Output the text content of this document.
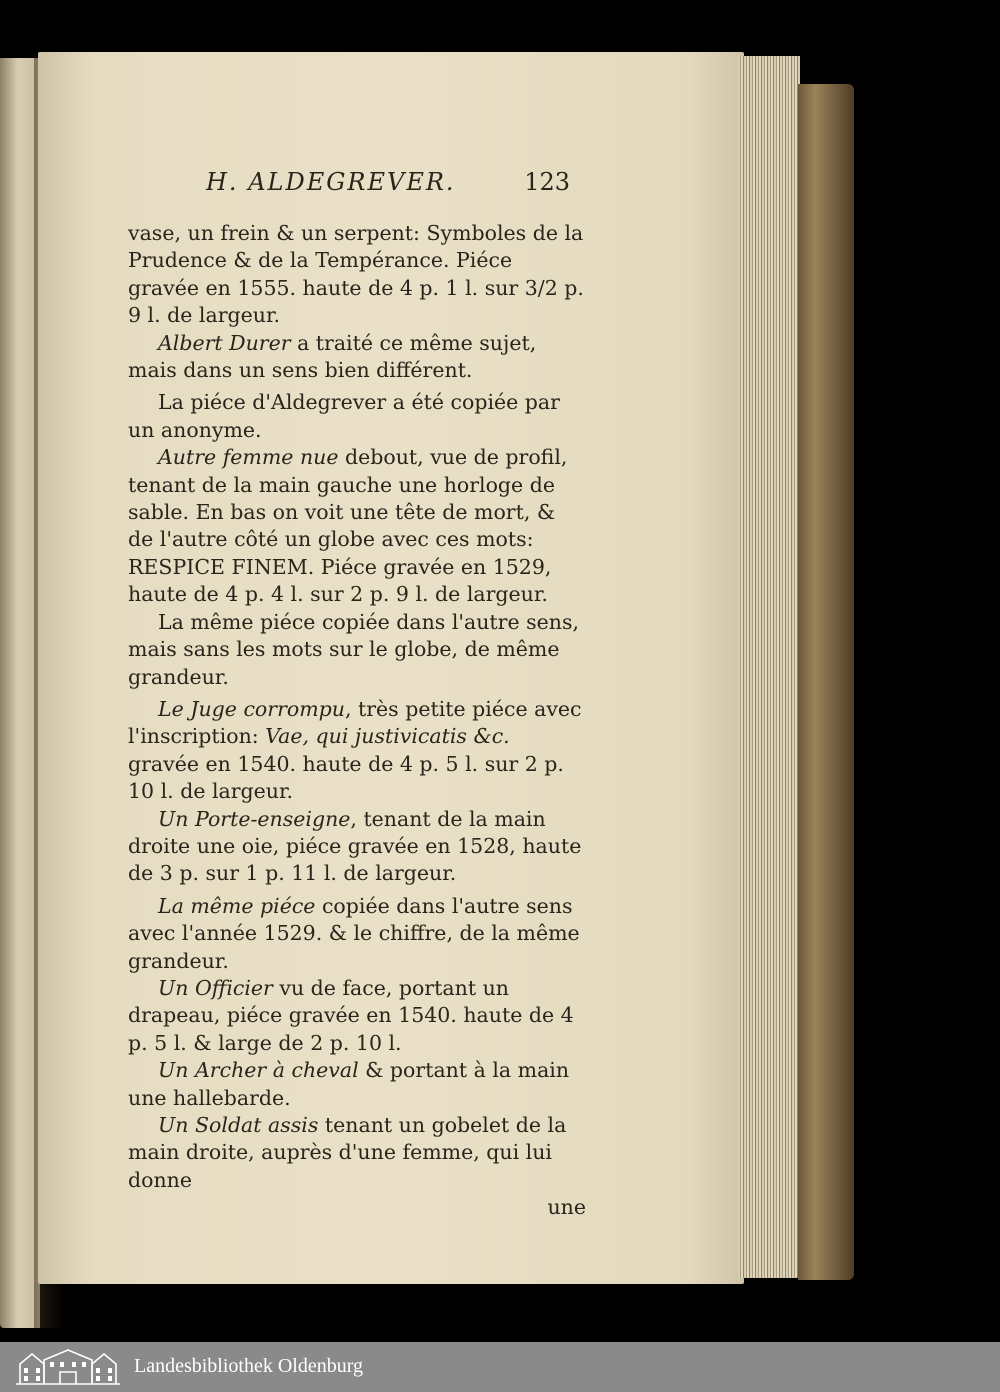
H. ALDEGREVER.	123

vase, un frein & un serpent: Symboles de la Prudence & de la Tempérance. Piéce gravée en 1555. haute de 4 p. 1 l. sur 3/2 p. 9 l. de largeur.

Albert Durer a traité ce même sujet, mais dans un sens bien différent.

La piéce d'Aldegrever a été copiée par un anonyme.

Autre femme nue debout, vue de profil, tenant de la main gauche une horloge de sable. En bas on voit une tête de mort, & de l'autre côté un globe avec ces mots: RESPICE FINEM. Piéce gravée en 1529, haute de 4 p. 4 l. sur 2 p. 9 l. de largeur.

La même piéce copiée dans l'autre sens, mais sans les mots sur le globe, de même grandeur.

Le Juge corrompu, très petite piéce avec l'inscription: Vae, qui justivicatis &c. gravée en 1540. haute de 4 p. 5 l. sur 2 p. 10 l. de largeur.

Un Porte-enseigne, tenant de la main droite une oie, piéce gravée en 1528, haute de 3 p. sur 1 p. 11 l. de largeur.

La même piéce copiée dans l'autre sens avec l'année 1529. & le chiffre, de la même grandeur.

Un Officier vu de face, portant un drapeau, piéce gravée en 1540. haute de 4 p. 5 l. & large de 2 p. 10 l.

Un Archer à cheval & portant à la main une hallebarde.

Un Soldat assis tenant un gobelet de la main droite, auprès d'une femme, qui lui donne

une

Landesbibliothek Oldenburg
